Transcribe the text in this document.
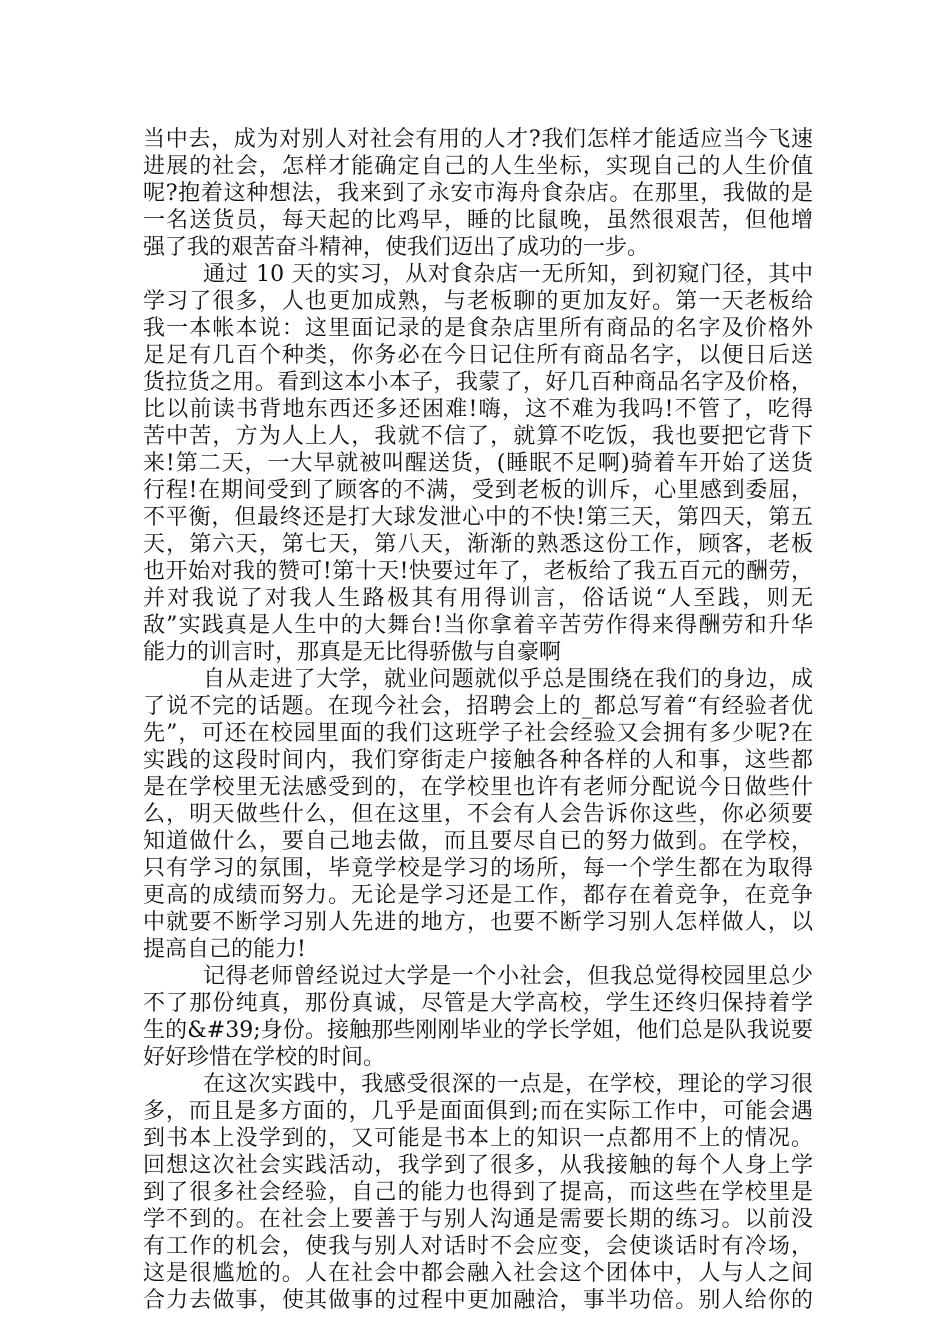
当中去，成为对别人对社会有用的人才?我们怎样才能适应当今飞速
进展的社会，怎样才能确定自己的人生坐标，实现自己的人生价值
呢?抱着这种想法，我来到了永安市海舟食杂店。在那里，我做的是
一名送货员，每天起的比鸡早，睡的比鼠晚，虽然很艰苦，但他增
强了我的艰苦奋斗精神，使我们迈出了成功的一步。
通过 10 天的实习，从对食杂店一无所知，到初窥门径，其中
学习了很多，人也更加成熟，与老板聊的更加友好。第一天老板给
我一本帐本说：这里面记录的是食杂店里所有商品的名字及价格外
足足有几百个种类，你务必在今日记住所有商品名字，以便日后送
货拉货之用。看到这本小本子，我蒙了，好几百种商品名字及价格，
比以前读书背地东西还多还困难!嗨，这不难为我吗!不管了，吃得
苦中苦，方为人上人，我就不信了，就算不吃饭，我也要把它背下
来!第二天，一大早就被叫醒送货，(睡眠不足啊)骑着车开始了送货
行程!在期间受到了顾客的不满，受到老板的训斥，心里感到委屈，
不平衡，但最终还是打大球发泄心中的不快!第三天，第四天，第五
天，第六天，第七天，第八天，渐渐的熟悉这份工作，顾客，老板
也开始对我的赞可!第十天!快要过年了，老板给了我五百元的酬劳，
并对我说了对我人生路极其有用得训言，俗话说“人至践，则无
敌”实践真是人生中的大舞台!当你拿着辛苦劳作得来得酬劳和升华
能力的训言时，那真是无比得骄傲与自豪啊
自从走进了大学，就业问题就似乎总是围绕在我们的身边，成
了说不完的话题。在现今社会，招聘会上的_都总写着“有经验者优
先”，可还在校园里面的我们这班学子社会经验又会拥有多少呢?在
实践的这段时间内，我们穿街走户接触各种各样的人和事，这些都
是在学校里无法感受到的，在学校里也许有老师分配说今日做些什
么，明天做些什么，但在这里，不会有人会告诉你这些，你必须要
知道做什么，要自己地去做，而且要尽自已的努力做到。在学校，
只有学习的氛围，毕竟学校是学习的场所，每一个学生都在为取得
更高的成绩而努力。无论是学习还是工作，都存在着竞争，在竞争
中就要不断学习别人先进的地方，也要不断学习别人怎样做人，以
提高自己的能力!
记得老师曾经说过大学是一个小社会，但我总觉得校园里总少
不了那份纯真，那份真诚，尽管是大学高校，学生还终归保持着学
生的&#39;身份。接触那些刚刚毕业的学长学姐，他们总是队我说要
好好珍惜在学校的时间。
在这次实践中，我感受很深的一点是，在学校，理论的学习很
多，而且是多方面的，几乎是面面俱到;而在实际工作中，可能会遇
到书本上没学到的，又可能是书本上的知识一点都用不上的情况。
回想这次社会实践活动，我学到了很多，从我接触的每个人身上学
到了很多社会经验，自己的能力也得到了提高，而这些在学校里是
学不到的。在社会上要善于与别人沟通是需要长期的练习。以前没
有工作的机会，使我与别人对话时不会应变，会使谈话时有冷场，
这是很尴尬的。人在社会中都会融入社会这个团体中，人与人之间
合力去做事，使其做事的过程中更加融洽，事半功倍。别人给你的
